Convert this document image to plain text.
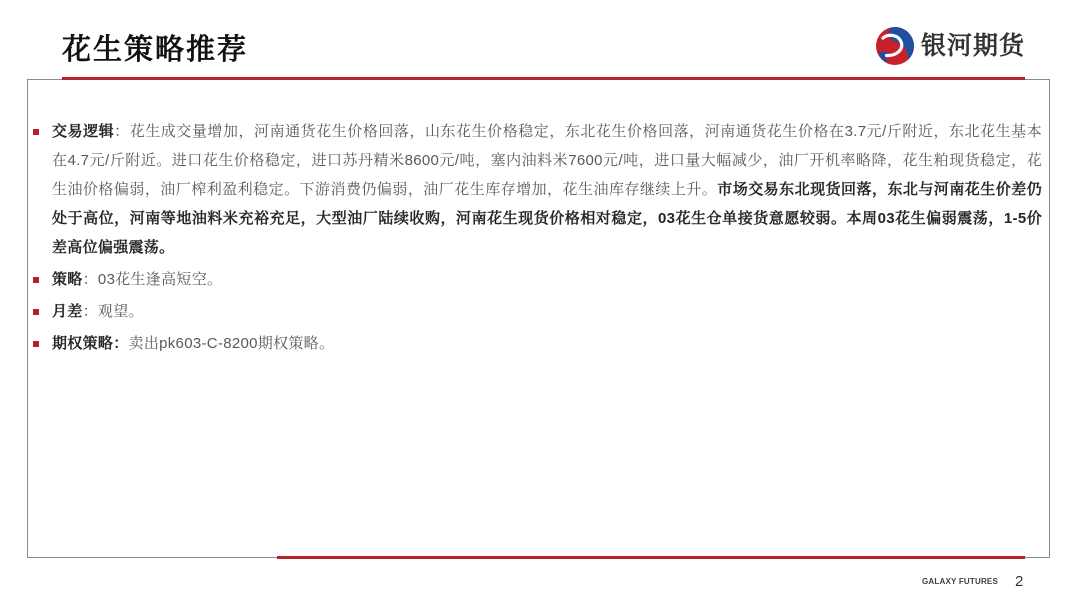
花生策略推荐	银河期货
交易逻辑：花生成交量增加，河南通货花生价格回落，山东花生价格稳定，东北花生价格回落，河南通货花生价格在3.7元/斤附近，东北花生基本在4.7元/斤附近。进口花生价格稳定，进口苏丹精米8600元/吨，塞内油料米7600元/吨，进口量大幅减少，油厂开机率略降，花生粕现货稳定，花生油价格偏弱，油厂榨利盈利稳定。下游消费仍偏弱，油厂花生库存增加，花生油库存继续上升。市场交易东北现货回落，东北与河南花生价差仍处于高位，河南等地油料米充裕充足，大型油厂陆续收购，河南花生现货价格相对稳定，03花生仓单接货意愿较弱。本周03花生偏弱震荡，1-5价差高位偏强震荡。
策略：03花生逢高短空。
月差：观望。
期权策略：卖出pk603-C-8200期权策略。
GALAXY FUTURES 2
